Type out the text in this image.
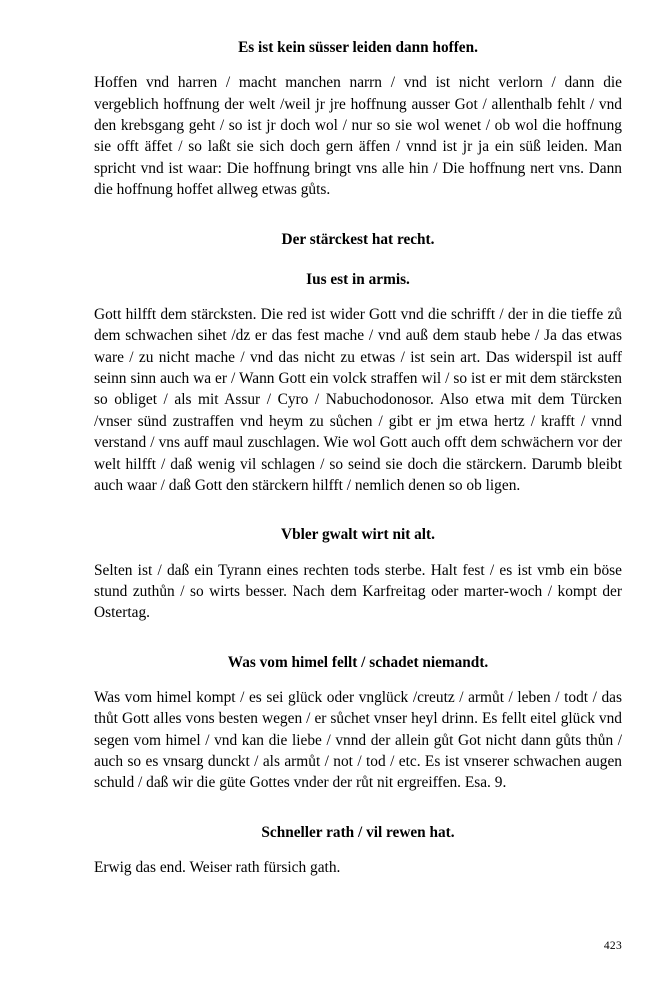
Es ist kein süsser leiden dann hoffen.

Hoffen vnd harren / macht manchen narrn / vnd ist nicht verlorn / dann die vergeblich hoffnung der welt /weil jr jre hoffnung ausser Got / allenthalb fehlt / vnd den krebsgang geht / so ist jr doch wol / nur so sie wol wenet / ob wol die hoffnung sie offt äffet / so laßt sie sich doch gern äffen / vnnd ist jr ja ein süß leiden. Man spricht vnd ist waar: Die hoffnung bringt vns alle hin / Die hoffnung nert vns. Dann die hoffnung hoffet allweg etwas gůts.

Der stärckest hat recht.
Ius est in armis.

Gott hilfft dem stärcksten. Die red ist wider Gott vnd die schrifft / der in die tieffe zů dem schwachen sihet /dz er das fest mache / vnd auß dem staub hebe / Ja das etwas ware / zu nicht mache / vnd das nicht zu etwas / ist sein art. Das widerspil ist auff seinn sinn auch wa er / Wann Gott ein volck straffen wil / so ist er mit dem stärcksten so obliget / als mit Assur / Cyro / Nabuchodonosor. Also etwa mit dem Türcken /vnser sünd zustraffen vnd heym zu sůchen / gibt er jm etwa hertz / krafft / vnnd verstand / vns auff maul zuschlagen. Wie wol Gott auch offt dem schwächern vor der welt hilfft / daß wenig vil schlagen / so seind sie doch die stärckern. Darumb bleibt auch waar / daß Gott den stärckern hilfft / nemlich denen so ob ligen.

Vbler gwalt wirt nit alt.

Selten ist / daß ein Tyrann eines rechten tods sterbe. Halt fest / es ist vmb ein böse stund zuthůn / so wirts besser. Nach dem Karfreitag oder marter-woch / kompt der Ostertag.

Was vom himel fellt / schadet niemandt.

Was vom himel kompt / es sei glück oder vnglück /creutz / armůt / leben / todt / das thůt Gott alles vons besten wegen / er sůchet vnser heyl drinn. Es fellt eitel glück vnd segen vom himel / vnd kan die liebe / vnnd der allein gůt Got nicht dann gůts thůn / auch so es vnsarg dunckt / als armůt / not / tod / etc. Es ist vnserer schwachen augen schuld / daß wir die güte Gottes vnder der růt nit ergreiffen. Esa. 9.

Schneller rath / vil rewen hat.

Erwig das end. Weiser rath fürsich gath.

423
